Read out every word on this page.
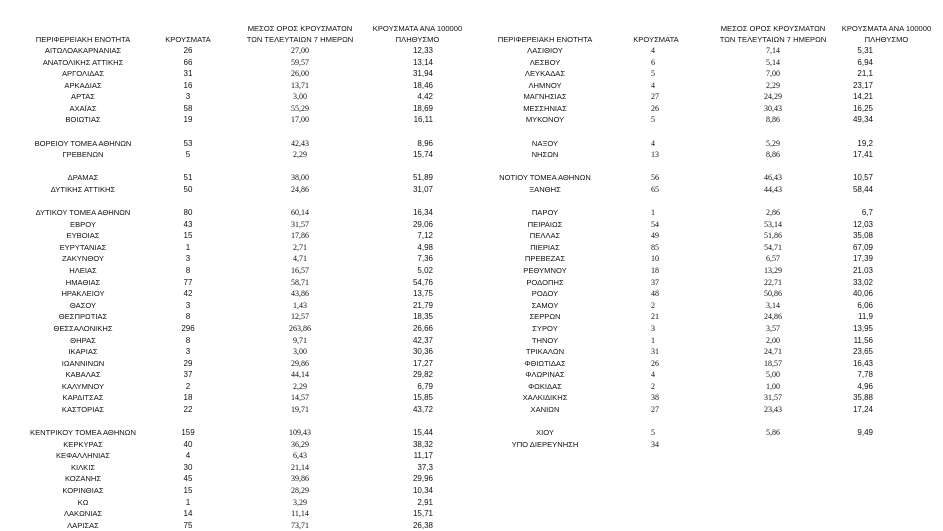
ΠΕΡΙΦΕΡΕΙΑΚΗ ΕΝΟΤΗΤΑ	ΚΡΟΥΣΜΑΤΑ
ΜΕΣΟΣ ΟΡΟΣ ΚΡΟΥΣΜΑΤΩΝ
ΤΩΝ ΤΕΛΕΥΤΑΙΩΝ 7 ΗΜΕΡΩΝ
ΚΡΟΥΣΜΑΤΑ ΑΝΑ 100000
ΠΛΗΘΥΣΜΟ	ΠΕΡΙΦΕΡΕΙΑΚΗ ΕΝΟΤΗΤΑ	ΚΡΟΥΣΜΑΤΑ
ΜΕΣΟΣ ΟΡΟΣ ΚΡΟΥΣΜΑΤΩΝ
ΤΩΝ ΤΕΛΕΥΤΑΙΩΝ 7 ΗΜΕΡΩΝ
ΚΡΟΥΣΜΑΤΑ ΑΝΑ 100000
ΠΛΗΘΥΣΜΟ
ΑΙΤΩΛΟΑΚΑΡΝΑΝΙΑΣ	26	27,00	12,33
ΑΝΑΤΟΛΙΚΗΣ ΑΤΤΙΚΗΣ	66	59,57	13,14
ΑΡΓΟΛΙΔΑΣ	31	26,00	31,94
ΑΡΚΑΔΙΑΣ	16	13,71	18,46
ΑΡΤΑΣ	3	3,00	4,42
ΑΧΑΪΑΣ	58	55,29	18,69
ΒΟΙΩΤΙΑΣ	19	17,00	16,11
ΒΟΡΕΙΟΥ ΤΟΜΕΑ ΑΘΗΝΩΝ	53	42,43	8,96
ΓΡΕΒΕΝΩΝ	5	2,29	15,74
ΔΡΑΜΑΣ	51	38,00	51,89
ΔΥΤΙΚΗΣ ΑΤΤΙΚΗΣ	50	24,86	31,07
ΔΥΤΙΚΟΥ ΤΟΜΕΑ ΑΘΗΝΩΝ	80	60,14	16,34
ΕΒΡΟΥ	43	31,57	29,06
ΕΥΒΟΙΑΣ	15	17,86	7,12
ΕΥΡΥΤΑΝΙΑΣ	1	2,71	4,98
ΖΑΚΥΝΘΟΥ	3	4,71	7,36
ΗΛΕΙΑΣ	8	16,57	5,02
ΗΜΑΘΙΑΣ	77	58,71	54,76
ΗΡΑΚΛΕΙΟΥ	42	43,86	13,75
ΘΑΣΟΥ	3	1,43	21,79
ΘΕΣΠΡΩΤΙΑΣ	8	12,57	18,35
ΘΕΣΣΑΛΟΝΙΚΗΣ	296	263,86	26,66
ΘΗΡΑΣ	8	9,71	42,37
ΙΚΑΡΙΑΣ	3	3,00	30,36
ΙΩΑΝΝΙΝΩΝ	29	29,86	17,27
ΚΑΒΑΛΑΣ	37	44,14	29,82
ΚΑΛΥΜΝΟΥ	2	2,29	6,79
ΚΑΡΔΙΤΣΑΣ	18	14,57	15,85
ΚΑΣΤΟΡΙΑΣ	22	19,71	43,72
ΚΕΝΤΡΙΚΟΥ ΤΟΜΕΑ ΑΘΗΝΩΝ	159	109,43	15,44
ΚΕΡΚΥΡΑΣ	40	36,29	38,32
ΚΕΦΑΛΛΗΝΙΑΣ	4	6,43	11,17
ΚΙΛΚΙΣ	30	21,14	37,3
ΚΟΖΑΝΗΣ	45	39,86	29,96
ΚΟΡΙΝΘΙΑΣ	15	28,29	10,34
ΚΩ	1	3,29	2,91
ΛΑΚΩΝΙΑΣ	14	11,14	15,71
ΛΑΡΙΣΑΣ	75	73,71	26,38
ΛΑΣΙΘΙΟΥ	4	7,14	5,31
ΛΕΣΒΟΥ	6	5,14	6,94
ΛΕΥΚΑΔΑΣ	5	7,00	21,1
ΛΗΜΝΟΥ	4	2,29	23,17
ΜΑΓΝΗΣΙΑΣ	27	24,29	14,21
ΜΕΣΣΗΝΙΑΣ	26	30,43	16,25
ΜΥΚΟΝΟΥ	5	8,86	49,34
ΝΑΞΟΥ	4	5,29	19,2
ΝΗΣΩΝ	13	8,86	17,41
ΝΟΤΙΟΥ ΤΟΜΕΑ ΑΘΗΝΩΝ	56	46,43	10,57
ΞΑΝΘΗΣ	65	44,43	58,44
ΠΑΡΟΥ	1	2,86	6,7
ΠΕΙΡΑΙΩΣ	54	53,14	12,03
ΠΕΛΛΑΣ	49	51,86	35,08
ΠΙΕΡΙΑΣ	85	54,71	67,09
ΠΡΕΒΕΖΑΣ	10	6,57	17,39
ΡΕΘΥΜΝΟΥ	18	13,29	21,03
ΡΟΔΟΠΗΣ	37	22,71	33,02
ΡΟΔΟΥ	48	50,86	40,06
ΣΑΜΟΥ	2	3,14	6,06
ΣΕΡΡΩΝ	21	24,86	11,9
ΣΥΡΟΥ	3	3,57	13,95
ΤΗΝΟΥ	1	2,00	11,56
ΤΡΙΚΑΛΩΝ	31	24,71	23,65
ΦΘΙΩΤΙΔΑΣ	26	18,57	16,43
ΦΛΩΡΙΝΑΣ	4	5,00	7,78
ΦΩΚΙΔΑΣ	2	1,00	4,96
ΧΑΛΚΙΔΙΚΗΣ	38	31,57	35,88
ΧΑΝΙΩΝ	27	23,43	17,24
ΧΙΟΥ	5	5,86	9,49
ΥΠΟ ΔΙΕΡΕΥΝΗΣΗ	34
